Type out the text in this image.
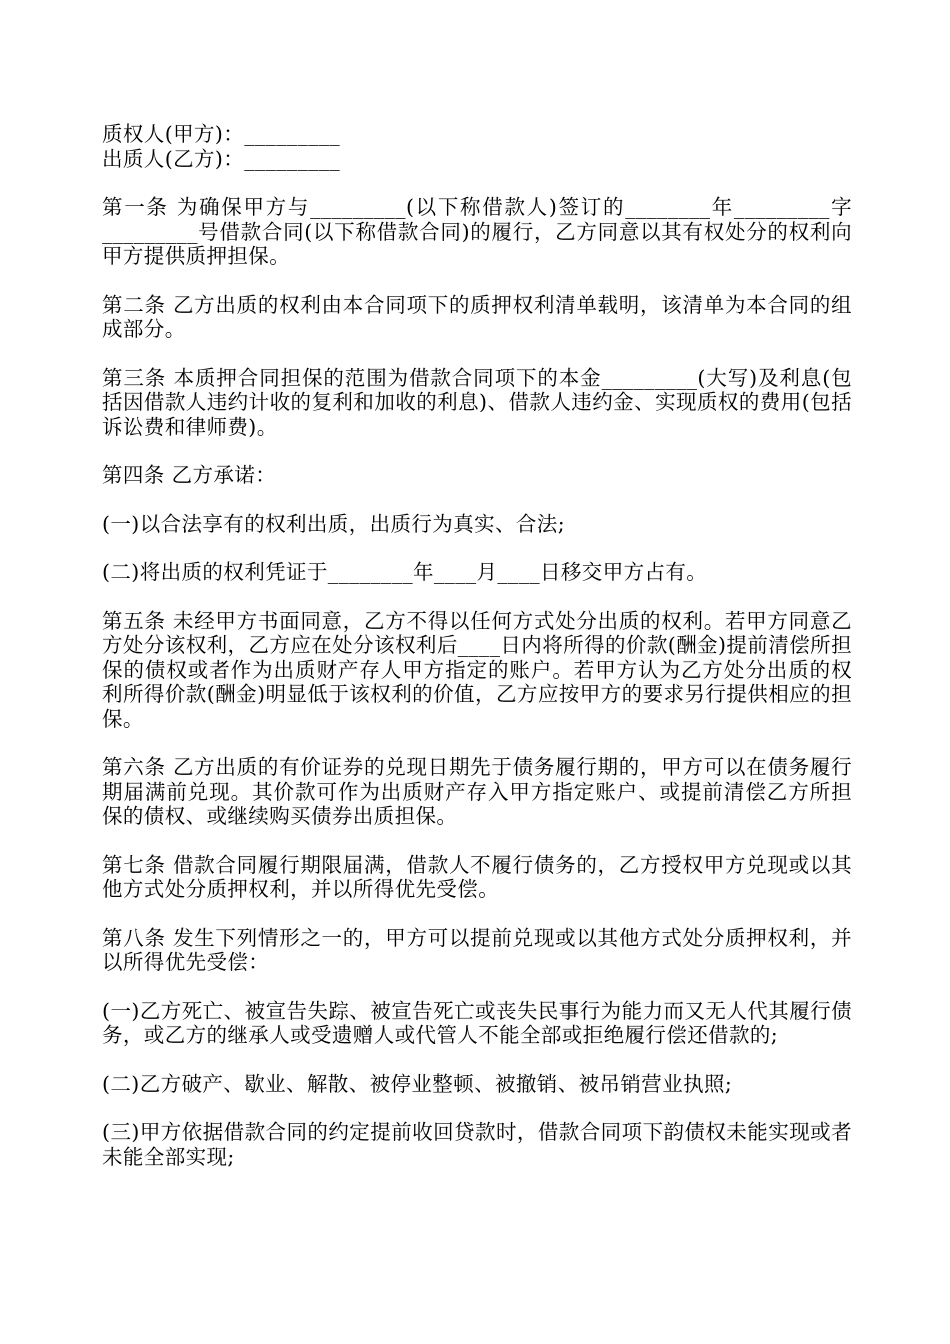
质权人(甲方)：_________

出质人(乙方)：_________

第一条 为确保甲方与_________(以下称借款人)签订的________年_________字_________号借款合同(以下称借款合同)的履行，乙方同意以其有权处分的权利向甲方提供质押担保。

第二条 乙方出质的权利由本合同项下的质押权利清单载明，该清单为本合同的组成部分。

第三条 本质押合同担保的范围为借款合同项下的本金_________(大写)及利息(包括因借款人违约计收的复利和加收的利息)、借款人违约金、实现质权的费用(包括诉讼费和律师费)。

第四条 乙方承诺：

(一)以合法享有的权利出质，出质行为真实、合法;

(二)将出质的权利凭证于________年____月____日移交甲方占有。

第五条 未经甲方书面同意，乙方不得以任何方式处分出质的权利。若甲方同意乙方处分该权利，乙方应在处分该权利后____日内将所得的价款(酬金)提前清偿所担保的债权或者作为出质财产存人甲方指定的账户。若甲方认为乙方处分出质的权利所得价款(酬金)明显低于该权利的价值，乙方应按甲方的要求另行提供相应的担保。

第六条 乙方出质的有价证券的兑现日期先于债务履行期的，甲方可以在债务履行期届满前兑现。其价款可作为出质财产存入甲方指定账户、或提前清偿乙方所担保的债权、或继续购买债券出质担保。

第七条 借款合同履行期限届满，借款人不履行债务的，乙方授权甲方兑现或以其他方式处分质押权利，并以所得优先受偿。

第八条 发生下列情形之一的，甲方可以提前兑现或以其他方式处分质押权利，并以所得优先受偿：

(一)乙方死亡、被宣告失踪、被宣告死亡或丧失民事行为能力而又无人代其履行债务，或乙方的继承人或受遗赠人或代管人不能全部或拒绝履行偿还借款的;

(二)乙方破产、歇业、解散、被停业整顿、被撤销、被吊销营业执照;

(三)甲方依据借款合同的约定提前收回贷款时，借款合同项下韵债权未能实现或者未能全部实现;
